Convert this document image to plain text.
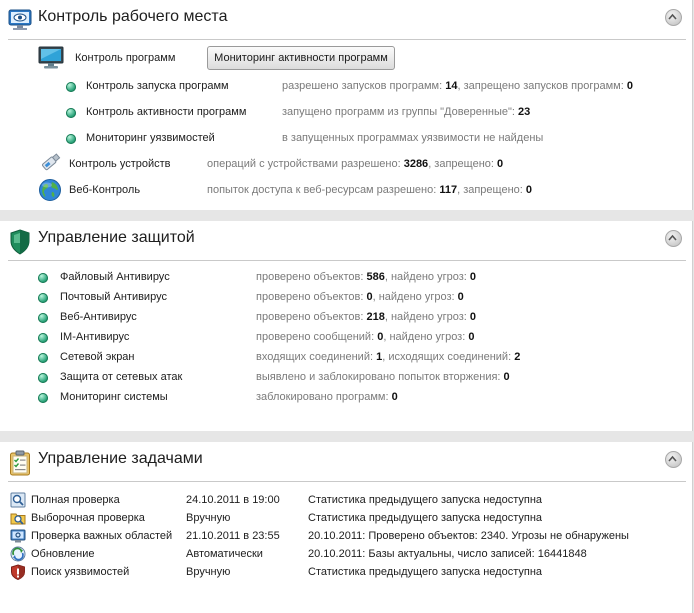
Контроль рабочего места
Контроль программ	Мониторинг активности программ
Контроль запуска программ	разрешено запусков программ: 14, запрещено запусков программ: 0
Контроль активности программ	запущено программ из группы "Доверенные": 23
Мониторинг уязвимостей	в запущенных программах уязвимости не найдены
Контроль устройств	операций с устройствами разрешено: 3286, запрещено: 0
Веб-Контроль	попыток доступа к веб-ресурсам разрешено: 117, запрещено: 0
Управление защитой
Файловый Антивирус	проверено объектов: 586, найдено угроз: 0
Почтовый Антивирус	проверено объектов: 0, найдено угроз: 0
Веб-Антивирус	проверено объектов: 218, найдено угроз: 0
IM-Антивирус	проверено сообщений: 0, найдено угроз: 0
Сетевой экран	входящих соединений: 1, исходящих соединений: 2
Защита от сетевых атак	выявлено и заблокировано попыток вторжения: 0
Мониторинг системы	заблокировано программ: 0
Управление задачами
Полная проверка	24.10.2011 в 19:00	Статистика предыдущего запуска недоступна
Выборочная проверка	Вручную	Статистика предыдущего запуска недоступна
Проверка важных областей 21.10.2011 в 23:55	20.10.2011: Проверено объектов: 2340. Угрозы не обнаружены
Обновление	Автоматически	20.10.2011: Базы актуальны, число записей: 16441848
Поиск уязвимостей	Вручную	Статистика предыдущего запуска недоступна
